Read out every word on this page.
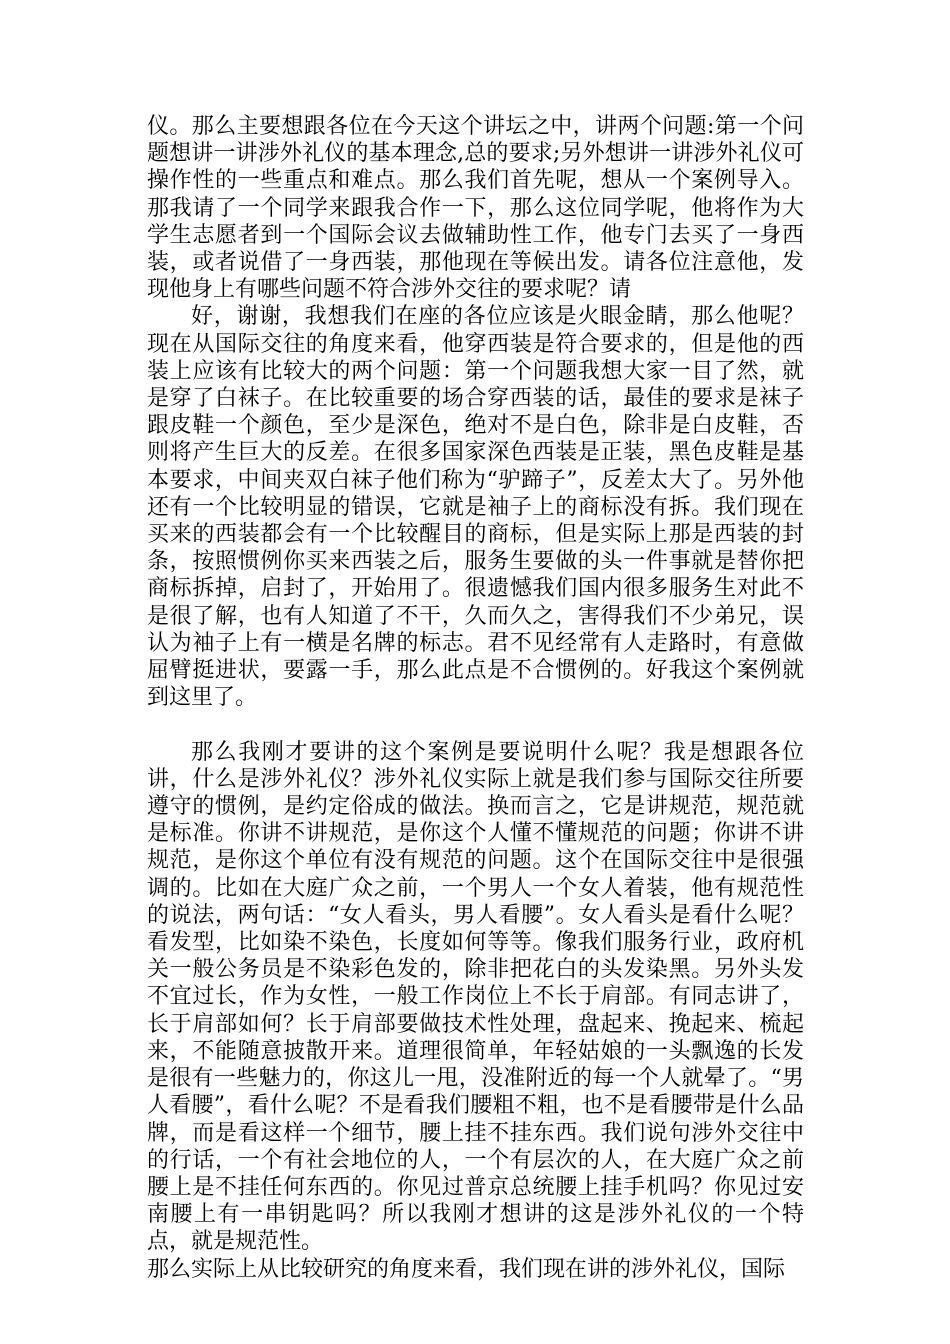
仪。那么主要想跟各位在今天这个讲坛之中，讲两个问题:第一个问题想讲一讲涉外礼仪的基本理念,总的要求;另外想讲一讲涉外礼仪可操作性的一些重点和难点。那么我们首先呢，想从一个案例导入。那我请了一个同学来跟我合作一下，那么这位同学呢，他将作为大学生志愿者到一个国际会议去做辅助性工作，他专门去买了一身西装，或者说借了一身西装，那他现在等候出发。请各位注意他，发现他身上有哪些问题不符合涉外交往的要求呢？请

好，谢谢，我想我们在座的各位应该是火眼金睛，那么他呢？现在从国际交往的角度来看，他穿西装是符合要求的，但是他的西装上应该有比较大的两个问题：第一个问题我想大家一目了然，就是穿了白袜子。在比较重要的场合穿西装的话，最佳的要求是袜子跟皮鞋一个颜色，至少是深色，绝对不是白色，除非是白皮鞋，否则将产生巨大的反差。在很多国家深色西装是正装，黑色皮鞋是基本要求，中间夹双白袜子他们称为“驴蹄子”，反差太大了。另外他还有一个比较明显的错误，它就是袖子上的商标没有拆。我们现在买来的西装都会有一个比较醒目的商标，但是实际上那是西装的封条，按照惯例你买来西装之后，服务生要做的头一件事就是替你把商标拆掉，启封了，开始用了。很遗憾我们国内很多服务生对此不是很了解，也有人知道了不干，久而久之，害得我们不少弟兄，误认为袖子上有一横是名牌的标志。君不见经常有人走路时，有意做屈臂挺进状，要露一手，那么此点是不合惯例的。好我这个案例就到这里了。

那么我刚才要讲的这个案例是要说明什么呢？我是想跟各位讲，什么是涉外礼仪？涉外礼仪实际上就是我们参与国际交往所要遵守的惯例，是约定俗成的做法。换而言之，它是讲规范，规范就是标准。你讲不讲规范，是你这个人懂不懂规范的问题；你讲不讲规范，是你这个单位有没有规范的问题。这个在国际交往中是很强调的。比如在大庭广众之前，一个男人一个女人着装，他有规范性的说法，两句话：“女人看头，男人看腰”。女人看头是看什么呢？看发型，比如染不染色，长度如何等等。像我们服务行业，政府机关一般公务员是不染彩色发的，除非把花白的头发染黑。另外头发不宜过长，作为女性，一般工作岗位上不长于肩部。有同志讲了，长于肩部如何？长于肩部要做技术性处理，盘起来、挽起来、梳起来，不能随意披散开来。道理很简单，年轻姑娘的一头飘逸的长发是很有一些魅力的，你这儿一甩，没准附近的每一个人就晕了。“男人看腰”，看什么呢？不是看我们腰粗不粗，也不是看腰带是什么品牌，而是看这样一个细节，腰上挂不挂东西。我们说句涉外交往中的行话，一个有社会地位的人，一个有层次的人，在大庭广众之前腰上是不挂任何东西的。你见过普京总统腰上挂手机吗？你见过安南腰上有一串钥匙吗？所以我刚才想讲的这是涉外礼仪的一个特点，就是规范性。

那么实际上从比较研究的角度来看，我们现在讲的涉外礼仪，国际
